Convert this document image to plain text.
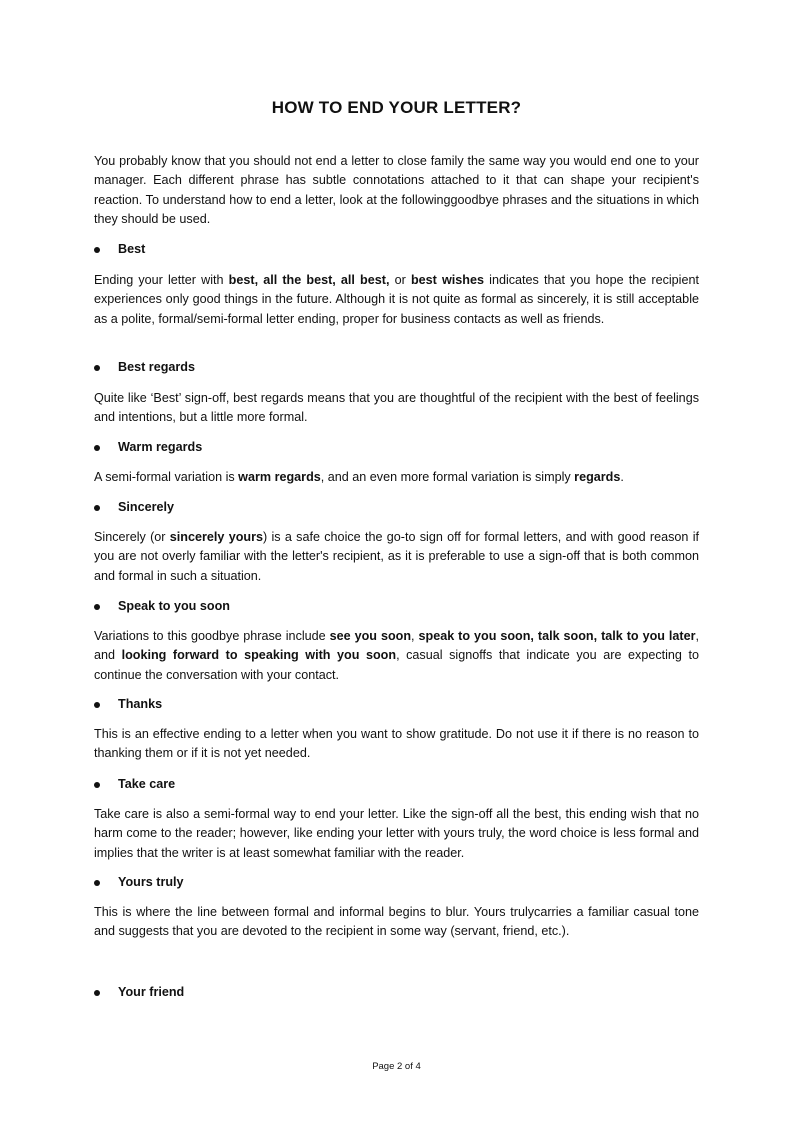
HOW TO END YOUR LETTER?

You probably know that you should not end a letter to close family the same way you would end one to your manager. Each different phrase has subtle connotations attached to it that can shape your recipient's reaction. To understand how to end a letter, look at the followinggoodbye phrases and the situations in which they should be used.

Best

Ending your letter with best, all the best, all best, or best wishes indicates that you hope the recipient experiences only good things in the future. Although it is not quite as formal as sincerely, it is still acceptable as a polite, formal/semi-formal letter ending, proper for business contacts as well as friends.

Best regards

Quite like ‘Best’ sign-off, best regards means that you are thoughtful of the recipient with the best of feelings and intentions, but a little more formal.

Warm regards

A semi-formal variation is warm regards, and an even more formal variation is simply regards.

Sincerely

Sincerely (or sincerely yours) is a safe choice the go-to sign off for formal letters, and with good reason if you are not overly familiar with the letter's recipient, as it is preferable to use a sign-off that is both common and formal in such a situation.

Speak to you soon

Variations to this goodbye phrase include see you soon, speak to you soon, talk soon, talk to you later, and looking forward to speaking with you soon, casual signoffs that indicate you are expecting to continue the conversation with your contact.

Thanks

This is an effective ending to a letter when you want to show gratitude. Do not use it if there is no reason to thanking them or if it is not yet needed.

Take care

Take care is also a semi-formal way to end your letter. Like the sign-off all the best, this ending wish that no harm come to the reader; however, like ending your letter with yours truly, the word choice is less formal and implies that the writer is at least somewhat familiar with the reader.

Yours truly

This is where the line between formal and informal begins to blur. Yours trulycarries a familiar casual tone and suggests that you are devoted to the recipient in some way (servant, friend, etc.).

Your friend
Page 2 of 4
